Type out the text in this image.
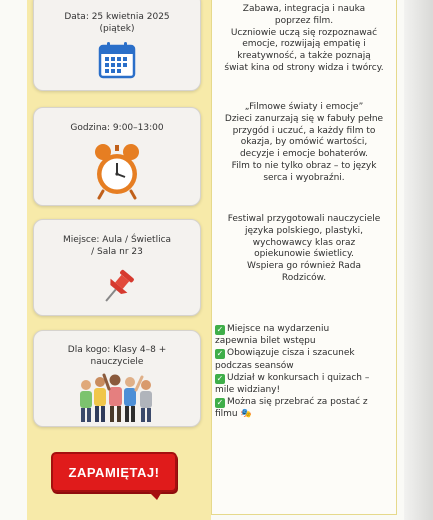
Data: 25 kwietnia 2025
(piątek)
Godzina: 9:00–13:00
Miejsce: Aula / Świetlica
/ Sala nr 23
Dla kogo: Klasy 4–8 +
nauczyciele
ZAPAMIĘTAJ!
Zabawa, integracja i nauka
poprzez film.
Uczniowie uczą się rozpoznawać
emocje, rozwijają empatię i
kreatywność, a także poznają
świat kina od strony widza i twórcy.
„Filmowe światy i emocje”
Dzieci zanurzają się w fabuły pełne
przygód i uczuć, a każdy film to
okazja, by omówić wartości,
decyzje i emocje bohaterów.
Film to nie tylko obraz – to język
serca i wyobraźni.
Festiwal przygotowali nauczyciele
języka polskiego, plastyki,
wychowawcy klas oraz
opiekunowie świetlicy.
Wspiera go również Rada
Rodziców.
✓ Miejsce na wydarzeniu
zapewnia bilet wstępu
✓ Obowiązuje cisza i szacunek
podczas seansów
✓ Udział w konkursach i quizach –
mile widziany!
✓ Można się przebrać za postać z
filmu 🎭
